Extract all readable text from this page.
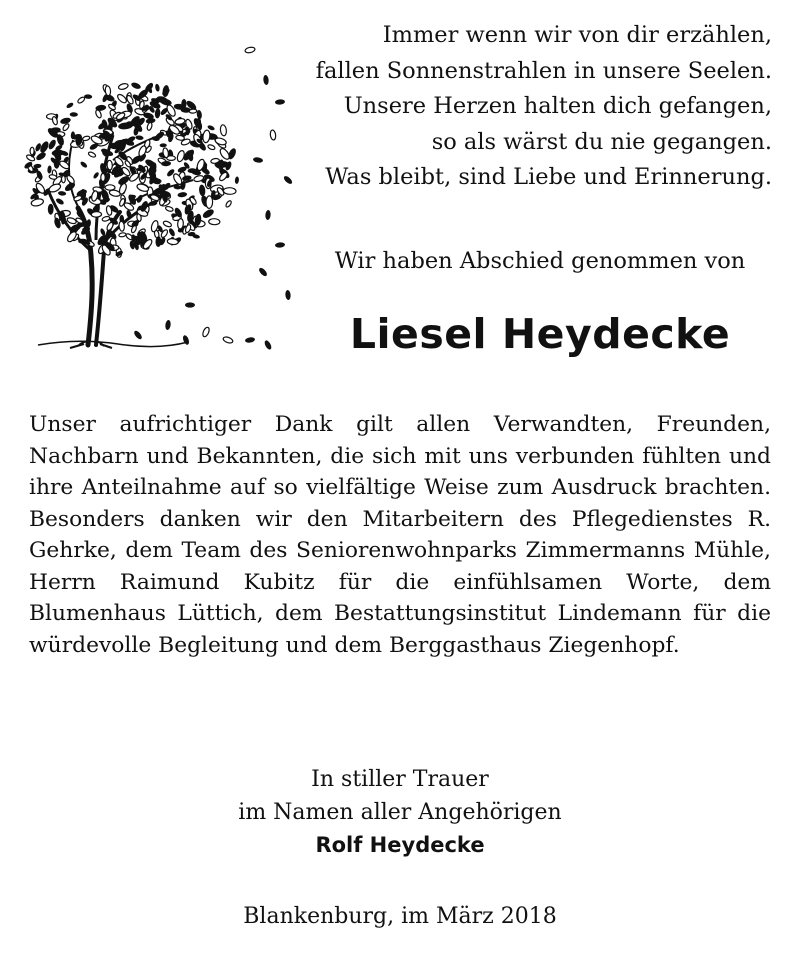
Immer wenn wir von dir erzählen,
fallen Sonnenstrahlen in unsere Seelen.
Unsere Herzen halten dich gefangen,
so als wärst du nie gegangen.
Was bleibt, sind Liebe und Erinnerung.
Wir haben Abschied genommen von
Liesel Heydecke
Unser aufrichtiger Dank gilt allen Verwandten, Freunden, Nachbarn und Bekannten, die sich mit uns verbunden fühlten und ihre Anteilnahme auf so vielfältige Weise zum Ausdruck brachten. Besonders danken wir den Mitarbeitern des Pflegedienstes R. Gehrke, dem Team des Seniorenwohnparks Zimmermanns Mühle, Herrn Raimund Kubitz für die einfühlsamen Worte, dem Blumenhaus Lüttich, dem Bestattungsinstitut Lindemann für die würdevolle Begleitung und dem Berggasthaus Ziegenhopf.
In stiller Trauer
im Namen aller Angehörigen
Rolf Heydecke
Blankenburg, im März 2018
